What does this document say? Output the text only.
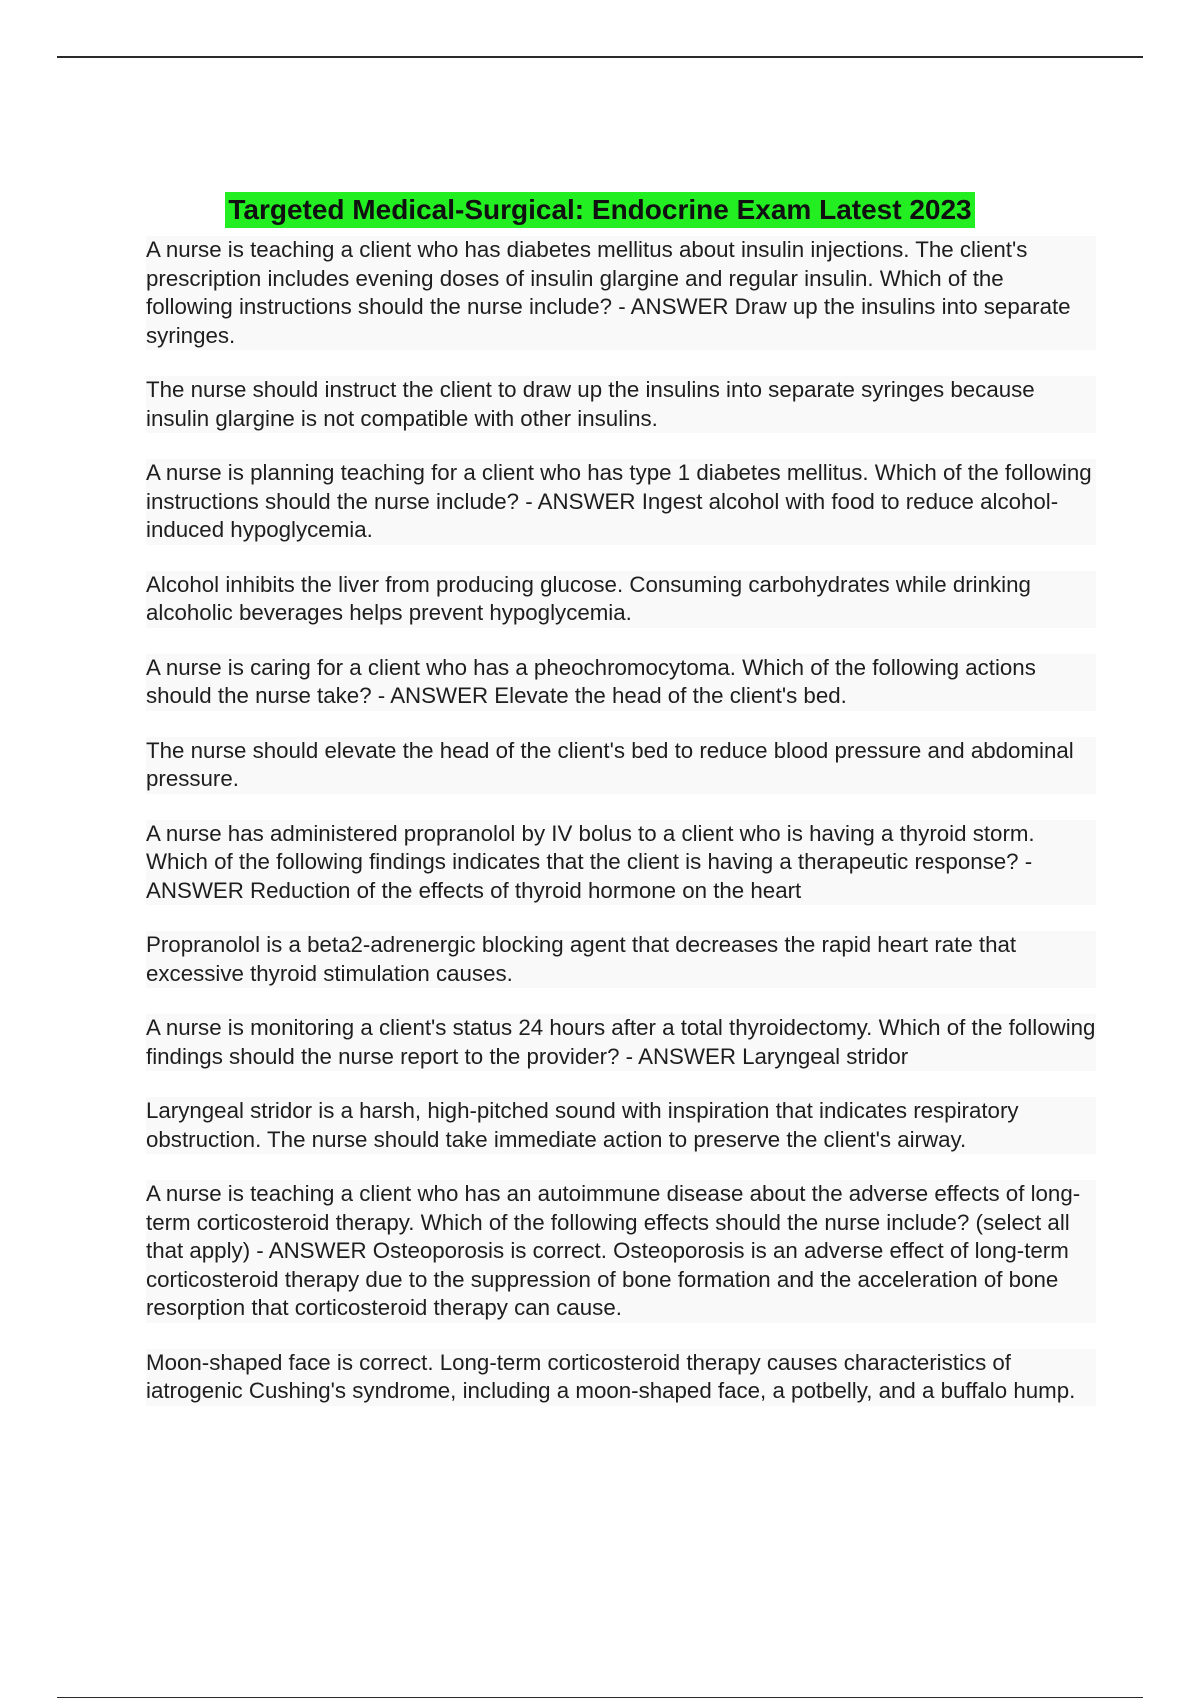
Targeted Medical-Surgical: Endocrine Exam Latest 2023

A nurse is teaching a client who has diabetes mellitus about insulin injections. The client's prescription includes evening doses of insulin glargine and regular insulin. Which of the following instructions should the nurse include? - ANSWER Draw up the insulins into separate syringes.

The nurse should instruct the client to draw up the insulins into separate syringes because insulin glargine is not compatible with other insulins.

A nurse is planning teaching for a client who has type 1 diabetes mellitus. Which of the following instructions should the nurse include? - ANSWER Ingest alcohol with food to reduce alcohol-induced hypoglycemia.

Alcohol inhibits the liver from producing glucose. Consuming carbohydrates while drinking alcoholic beverages helps prevent hypoglycemia.

A nurse is caring for a client who has a pheochromocytoma. Which of the following actions should the nurse take? - ANSWER Elevate the head of the client's bed.

The nurse should elevate the head of the client's bed to reduce blood pressure and abdominal pressure.

A nurse has administered propranolol by IV bolus to a client who is having a thyroid storm. Which of the following findings indicates that the client is having a therapeutic response? - ANSWER Reduction of the effects of thyroid hormone on the heart

Propranolol is a beta2-adrenergic blocking agent that decreases the rapid heart rate that excessive thyroid stimulation causes.

A nurse is monitoring a client's status 24 hours after a total thyroidectomy. Which of the following findings should the nurse report to the provider? - ANSWER Laryngeal stridor

Laryngeal stridor is a harsh, high-pitched sound with inspiration that indicates respiratory obstruction. The nurse should take immediate action to preserve the client's airway.

A nurse is teaching a client who has an autoimmune disease about the adverse effects of long-term corticosteroid therapy. Which of the following effects should the nurse include? (select all that apply) - ANSWER Osteoporosis is correct. Osteoporosis is an adverse effect of long-term corticosteroid therapy due to the suppression of bone formation and the acceleration of bone resorption that corticosteroid therapy can cause.

Moon-shaped face is correct. Long-term corticosteroid therapy causes characteristics of iatrogenic Cushing's syndrome, including a moon-shaped face, a potbelly, and a buffalo hump.
